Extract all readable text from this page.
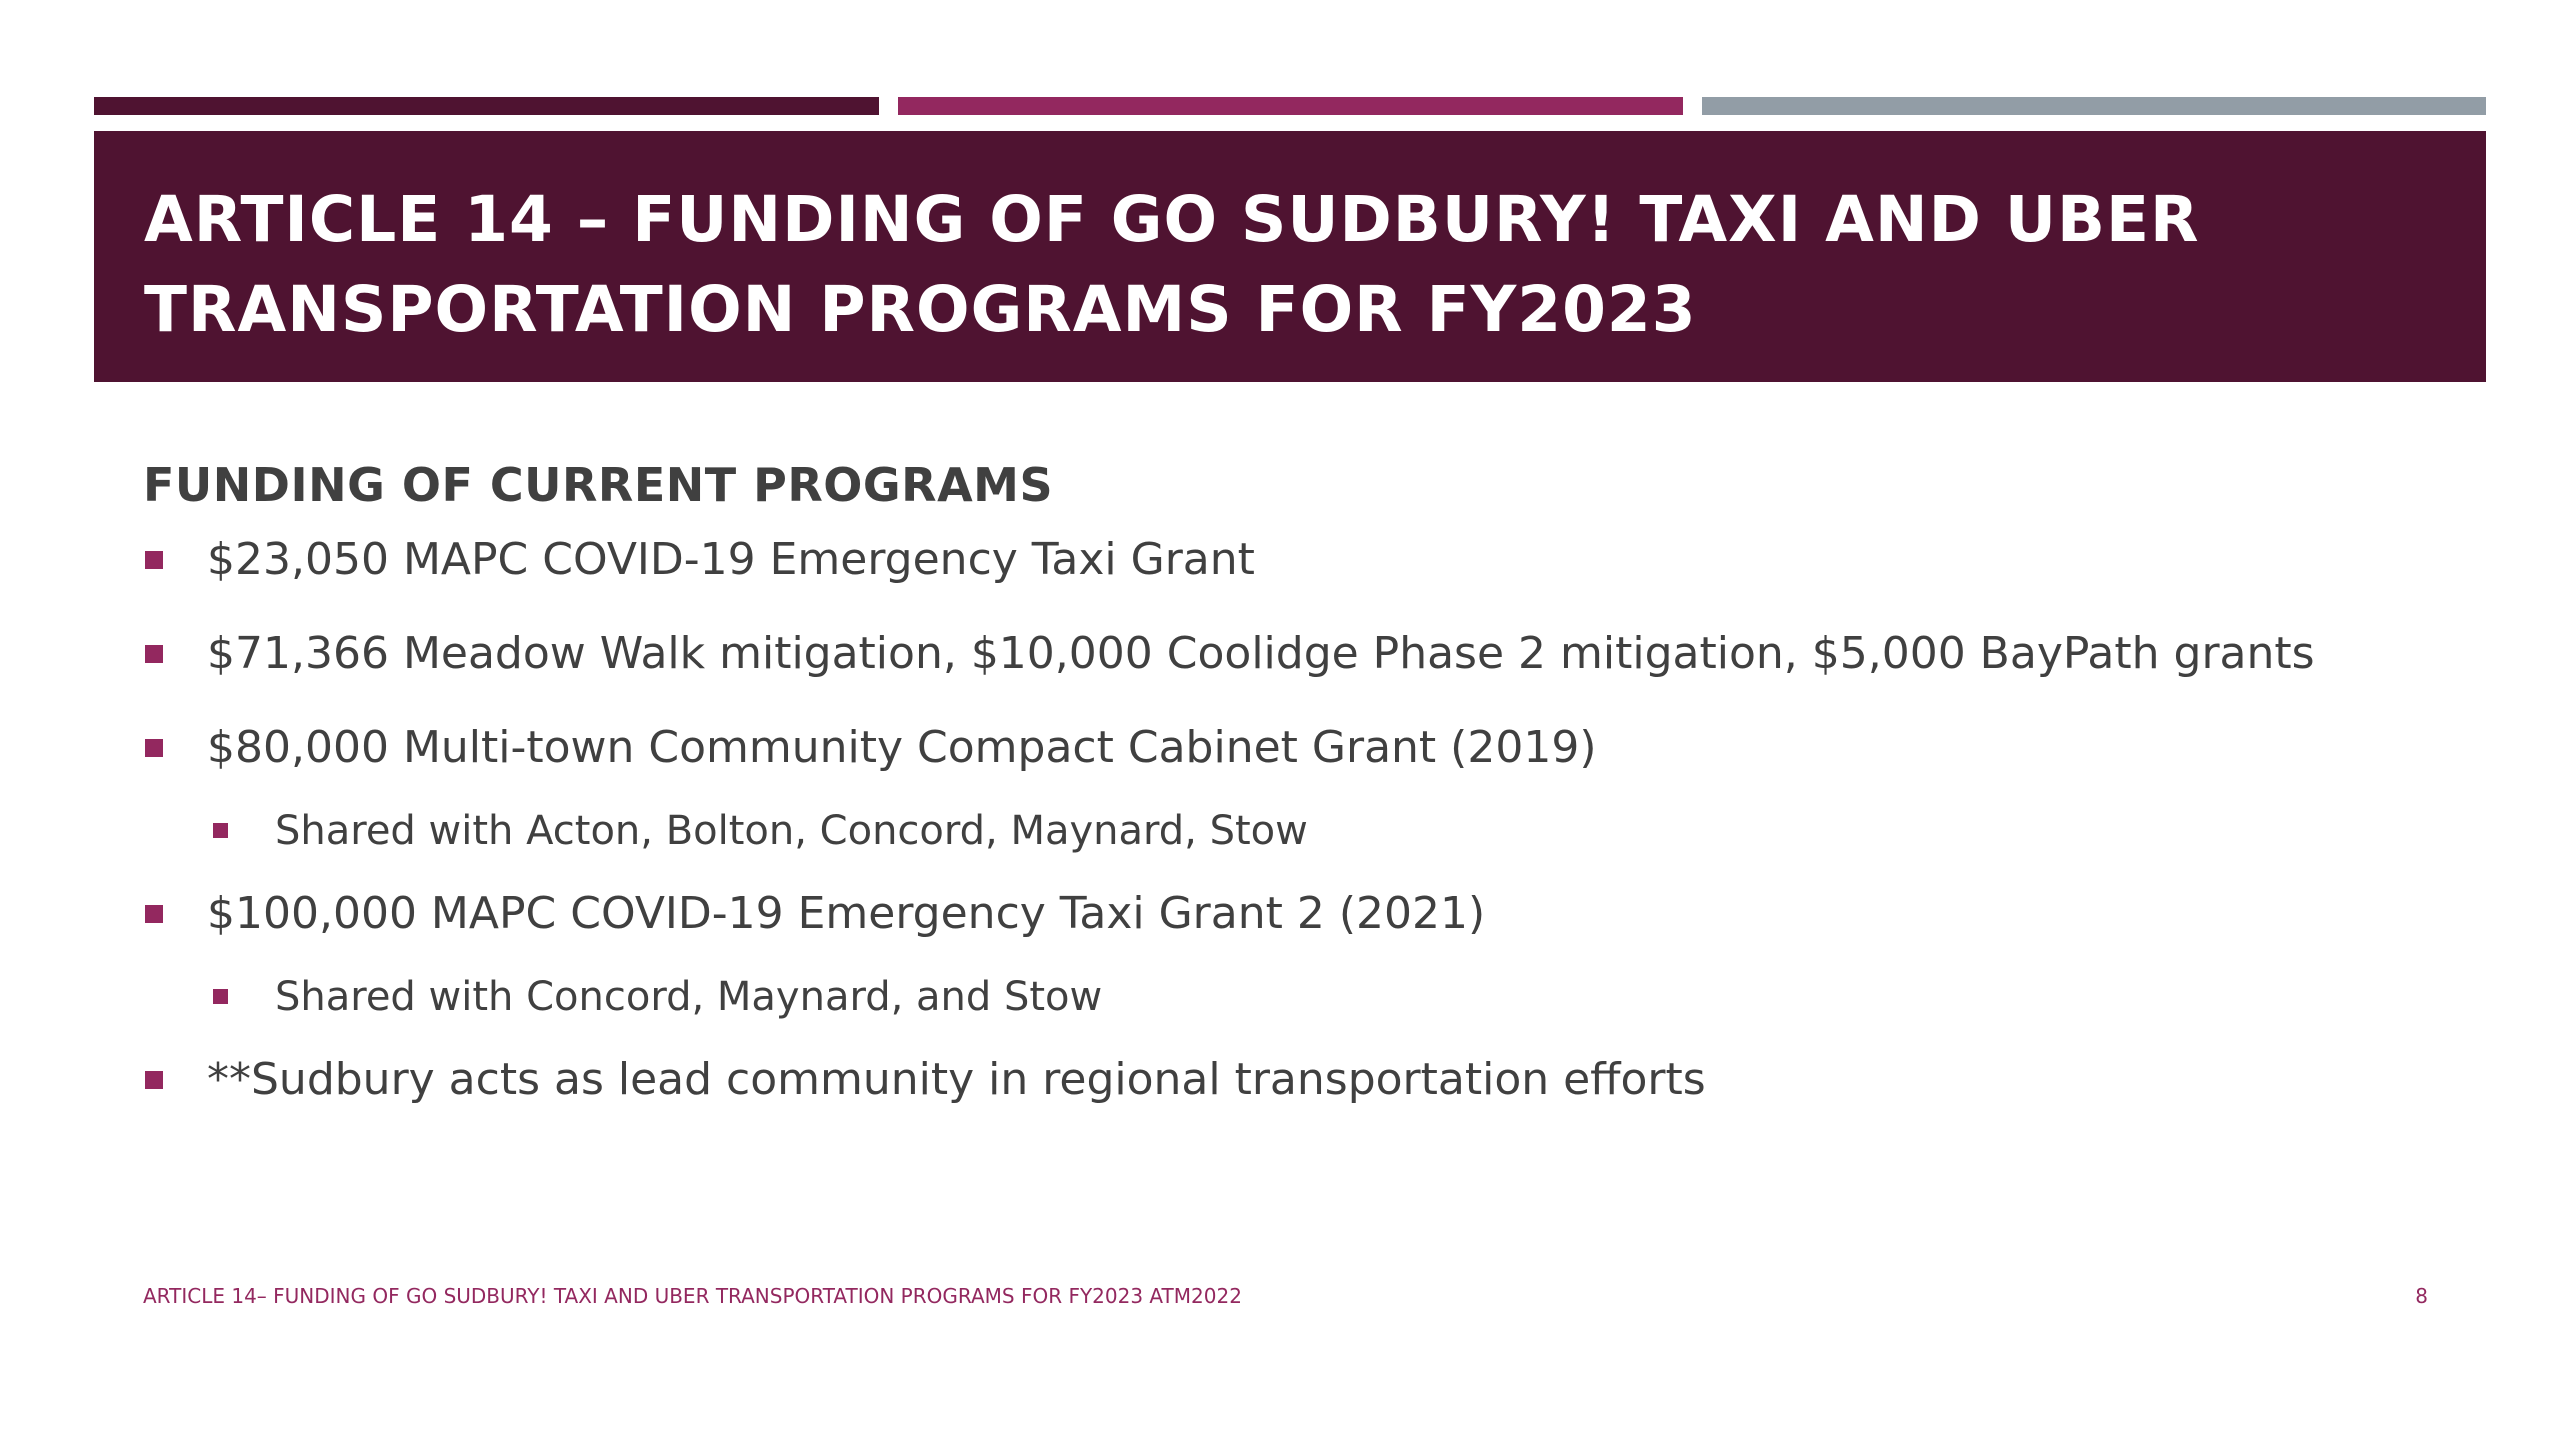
ARTICLE 14 – FUNDING OF GO SUDBURY! TAXI AND UBER TRANSPORTATION PROGRAMS FOR FY2023
FUNDING OF CURRENT PROGRAMS
$23,050 MAPC COVID-19 Emergency Taxi Grant
$71,366 Meadow Walk mitigation, $10,000 Coolidge Phase 2 mitigation, $5,000 BayPath grants
$80,000 Multi-town Community Compact Cabinet Grant (2019)
Shared with Acton, Bolton, Concord, Maynard, Stow
$100,000 MAPC COVID-19 Emergency Taxi Grant 2 (2021)
Shared with Concord, Maynard, and Stow
**Sudbury acts as lead community in regional transportation efforts
ARTICLE 14– FUNDING OF GO SUDBURY! TAXI AND UBER TRANSPORTATION PROGRAMS FOR FY2023 ATM2022	8
